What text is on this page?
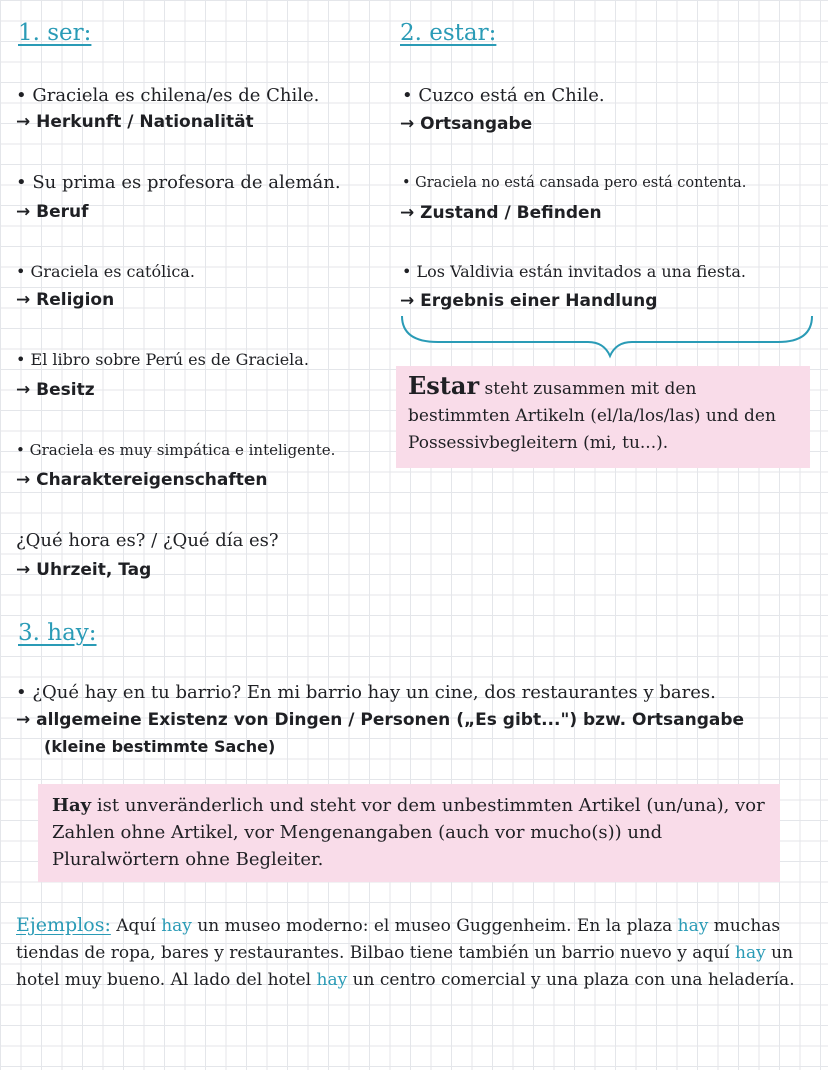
1. ser:
• Graciela es chilena/es de Chile.
→ Herkunft / Nationalität
• Su prima es profesora de alemán.
→ Beruf
• Graciela es católica.
→ Religion
• El libro sobre Perú es de Graciela.
→ Besitz
• Graciela es muy simpática e inteligente.
→ Charaktereigenschaften
¿Qué hora es? / ¿Qué día es?
→ Uhrzeit, Tag
2. estar:
• Cuzco está en Chile.
→ Ortsangabe
• Graciela no está cansada pero está contenta.
→ Zustand / Befinden
• Los Valdivia están invitados a una fiesta.
→ Ergebnis einer Handlung
Estar steht zusammen mit den bestimmten Artikeln (el/la/los/las) und den Possessivbegleitern (mi, tu...).
3. hay:
• ¿Qué hay en tu barrio? En mi barrio hay un cine, dos restaurantes y bares.
→ allgemeine Existenz von Dingen / Personen („Es gibt...") bzw. Ortsangabe
(kleine bestimmte Sache)
Hay ist unveränderlich und steht vor dem unbestimmten Artikel (un/una), vor Zahlen ohne Artikel, vor Mengenangaben (auch vor mucho(s)) und Pluralwörtern ohne Begleiter.
Ejemplos: Aquí hay un museo moderno: el museo Guggenheim. En la plaza hay muchas tiendas de ropa, bares y restaurantes. Bilbao tiene también un barrio nuevo y aquí hay un hotel muy bueno. Al lado del hotel hay un centro comercial y una plaza con una heladería.
